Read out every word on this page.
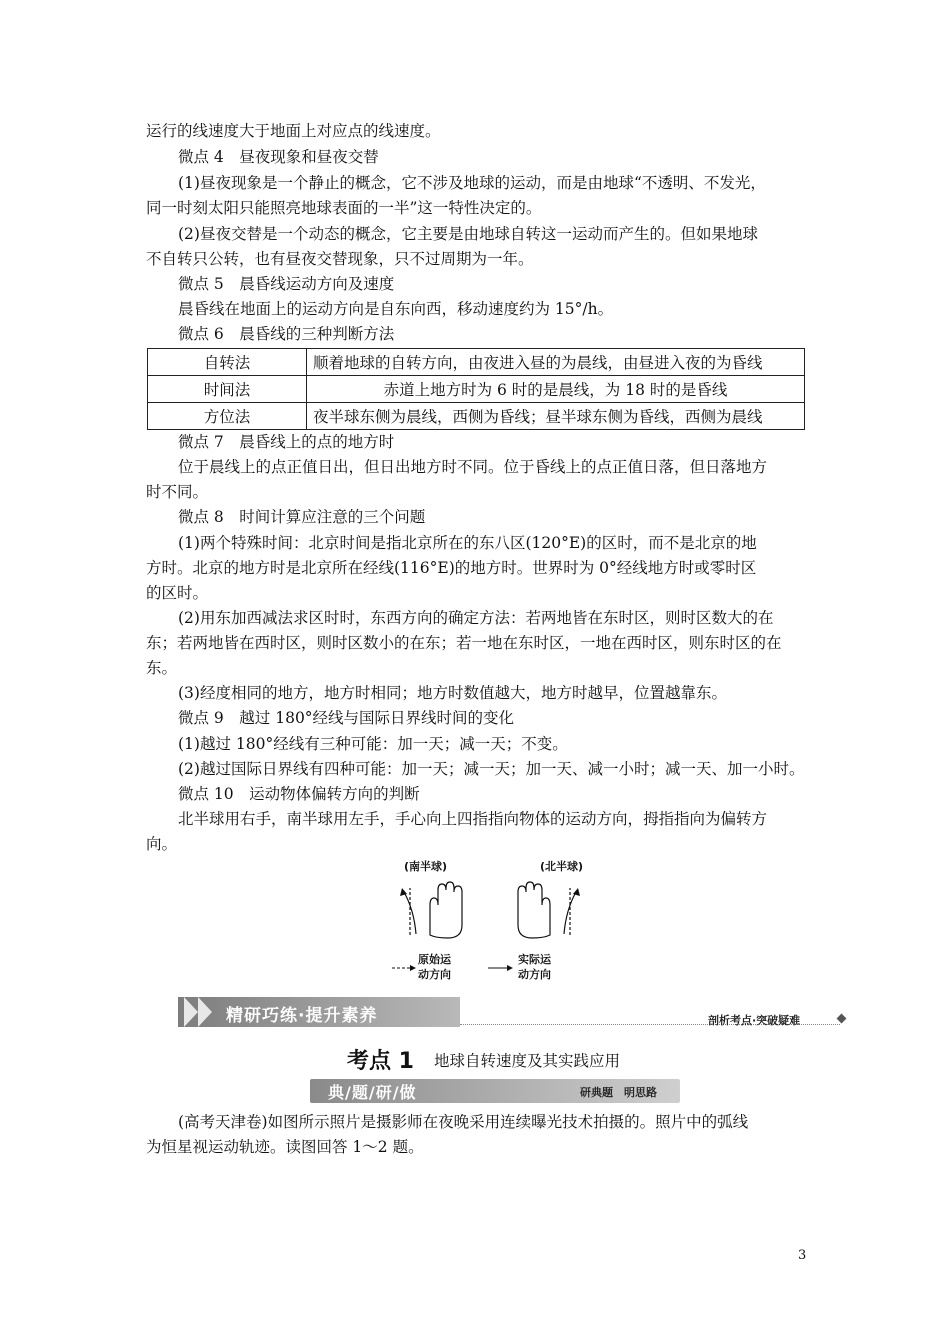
运行的线速度大于地面上对应点的线速度。
微点 4　昼夜现象和昼夜交替
(1)昼夜现象是一个静止的概念，它不涉及地球的运动，而是由地球“不透明、不发光，
同一时刻太阳只能照亮地球表面的一半”这一特性决定的。
(2)昼夜交替是一个动态的概念，它主要是由地球自转这一运动而产生的。但如果地球
不自转只公转，也有昼夜交替现象，只不过周期为一年。
微点 5　晨昏线运动方向及速度
晨昏线在地面上的运动方向是自东向西，移动速度约为 15°/h。
微点 6　晨昏线的三种判断方法
自转法	顺着地球的自转方向，由夜进入昼的为晨线，由昼进入夜的为昏线
时间法	赤道上地方时为 6 时的是晨线，为 18 时的是昏线
方位法	夜半球东侧为晨线，西侧为昏线；昼半球东侧为昏线，西侧为晨线
微点 7　晨昏线上的点的地方时
位于晨线上的点正值日出，但日出地方时不同。位于昏线上的点正值日落，但日落地方
时不同。
微点 8　时间计算应注意的三个问题
(1)两个特殊时间：北京时间是指北京所在的东八区(120°E)的区时，而不是北京的地
方时。北京的地方时是北京所在经线(116°E)的地方时。世界时为 0°经线地方时或零时区
的区时。
(2)用东加西减法求区时时，东西方向的确定方法：若两地皆在东时区，则时区数大的在
东；若两地皆在西时区，则时区数小的在东；若一地在东时区，一地在西时区，则东时区的在
东。
(3)经度相同的地方，地方时相同；地方时数值越大，地方时越早，位置越靠东。
微点 9　越过 180°经线与国际日界线时间的变化
(1)越过 180°经线有三种可能：加一天；减一天；不变。
(2)越过国际日界线有四种可能：加一天；减一天；加一天、减一小时；减一天、加一小时。
微点 10　运动物体偏转方向的判断
北半球用右手，南半球用左手，手心向上四指指向物体的运动方向，拇指指向为偏转方
向。
(南半球)	(北半球)
原始运
动方向
实际运
动方向
精研巧练·提升素养	剖析考点·突破疑难
考点 1 地球自转速度及其实践应用
典/题/研/做	研典题　明思路
(高考天津卷)如图所示照片是摄影师在夜晚采用连续曝光技术拍摄的。照片中的弧线
为恒星视运动轨迹。读图回答 1～2 题。
3
